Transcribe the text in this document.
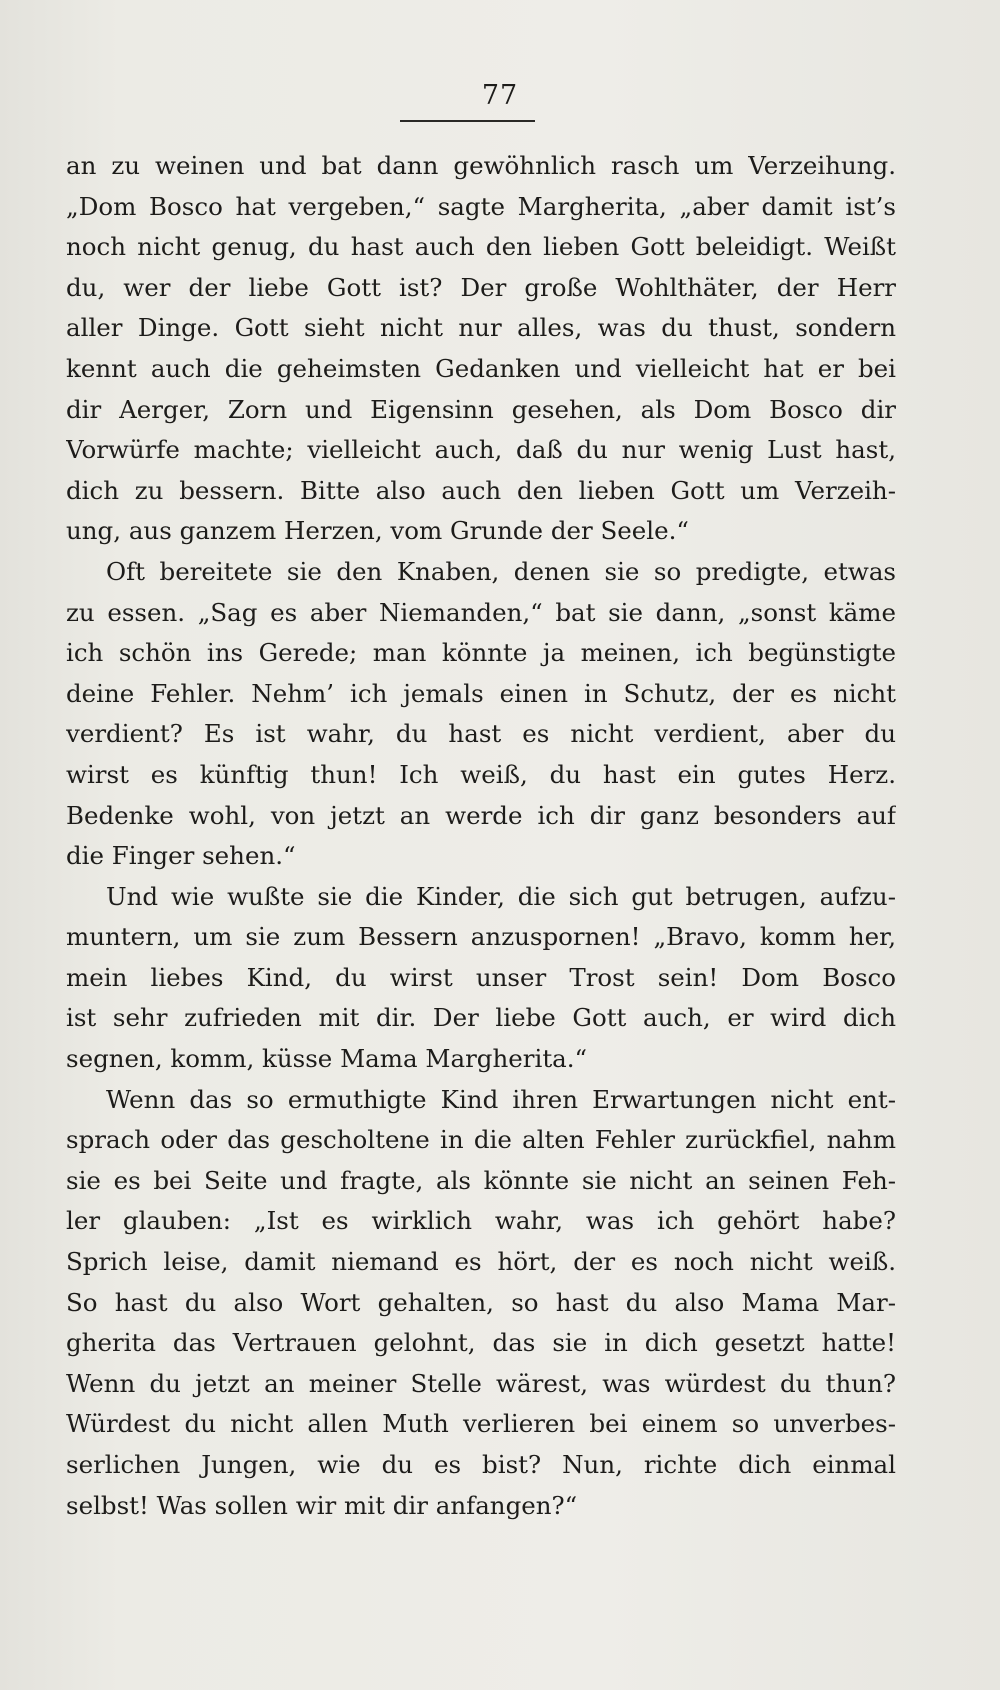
77
an zu weinen und bat dann gewöhnlich rasch um Verzeihung.
„Dom Bosco hat vergeben,“ sagte Margherita, „aber damit ist’s
noch nicht genug, du hast auch den lieben Gott beleidigt. Weißt
du, wer der liebe Gott ist? Der große Wohlthäter, der Herr
aller Dinge. Gott sieht nicht nur alles, was du thust, sondern
kennt auch die geheimsten Gedanken und vielleicht hat er bei
dir Aerger, Zorn und Eigensinn gesehen, als Dom Bosco dir
Vorwürfe machte; vielleicht auch, daß du nur wenig Lust hast,
dich zu bessern. Bitte also auch den lieben Gott um Verzeih-
ung, aus ganzem Herzen, vom Grunde der Seele.“
Oft bereitete sie den Knaben, denen sie so predigte, etwas
zu essen. „Sag es aber Niemanden,“ bat sie dann, „sonst käme
ich schön ins Gerede; man könnte ja meinen, ich begünstigte
deine Fehler. Nehm’ ich jemals einen in Schutz, der es nicht
verdient? Es ist wahr, du hast es nicht verdient, aber du
wirst es künftig thun! Ich weiß, du hast ein gutes Herz.
Bedenke wohl, von jetzt an werde ich dir ganz besonders auf
die Finger sehen.“
Und wie wußte sie die Kinder, die sich gut betrugen, aufzu-
muntern, um sie zum Bessern anzuspornen! „Bravo, komm her,
mein liebes Kind, du wirst unser Trost sein! Dom Bosco
ist sehr zufrieden mit dir. Der liebe Gott auch, er wird dich
segnen, komm, küsse Mama Margherita.“
Wenn das so ermuthigte Kind ihren Erwartungen nicht ent-
sprach oder das gescholtene in die alten Fehler zurückfiel, nahm
sie es bei Seite und fragte, als könnte sie nicht an seinen Feh-
ler glauben: „Ist es wirklich wahr, was ich gehört habe?
Sprich leise, damit niemand es hört, der es noch nicht weiß.
So hast du also Wort gehalten, so hast du also Mama Mar-
gherita das Vertrauen gelohnt, das sie in dich gesetzt hatte!
Wenn du jetzt an meiner Stelle wärest, was würdest du thun?
Würdest du nicht allen Muth verlieren bei einem so unverbes-
serlichen Jungen, wie du es bist? Nun, richte dich einmal
selbst! Was sollen wir mit dir anfangen?“
